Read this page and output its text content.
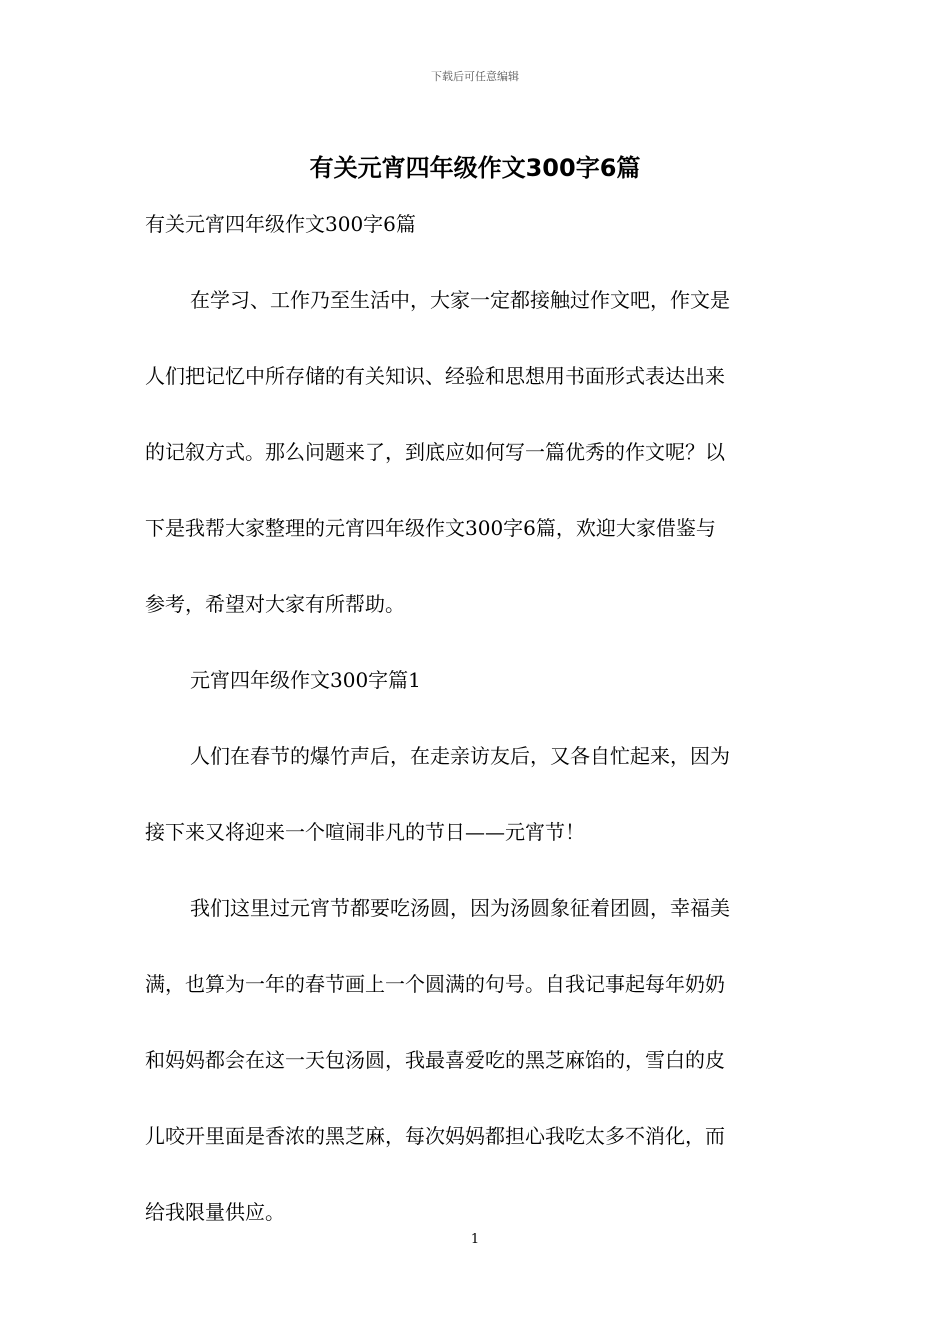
下载后可任意编辑
有关元宵四年级作文300字6篇
有关元宵四年级作文300字6篇
在学习、工作乃至生活中，大家一定都接触过作文吧，作文是
人们把记忆中所存储的有关知识、经验和思想用书面形式表达出来
的记叙方式。那么问题来了，到底应如何写一篇优秀的作文呢？以
下是我帮大家整理的元宵四年级作文300字6篇，欢迎大家借鉴与
参考，希望对大家有所帮助。
元宵四年级作文300字篇1
人们在春节的爆竹声后，在走亲访友后，又各自忙起来，因为
接下来又将迎来一个喧闹非凡的节日——元宵节！
我们这里过元宵节都要吃汤圆，因为汤圆象征着团圆，幸福美
满，也算为一年的春节画上一个圆满的句号。自我记事起每年奶奶
和妈妈都会在这一天包汤圆，我最喜爱吃的黑芝麻馅的，雪白的皮
儿咬开里面是香浓的黑芝麻，每次妈妈都担心我吃太多不消化，而
给我限量供应。
1
